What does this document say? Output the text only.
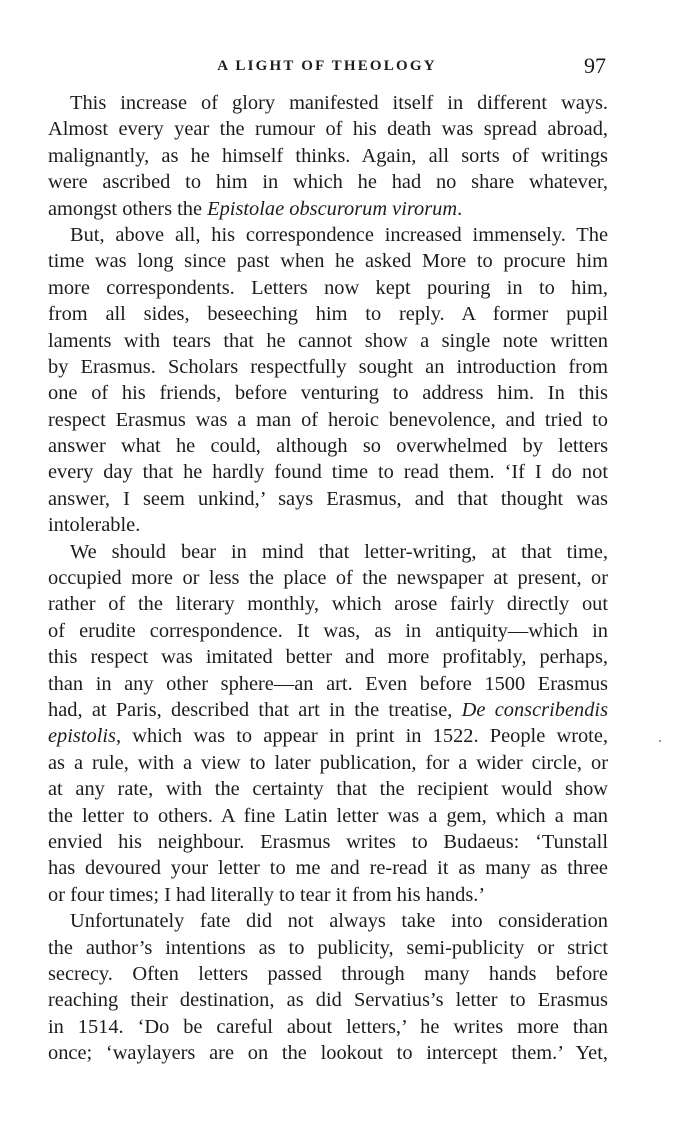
A LIGHT OF THEOLOGY	97
This increase of glory manifested itself in different ways.
Almost every year the rumour of his death was spread abroad,
malignantly, as he himself thinks. Again, all sorts of writings
were ascribed to him in which he had no share whatever,
amongst others the Epistolae obscurorum virorum.
But, above all, his correspondence increased immensely. The
time was long since past when he asked More to procure him
more correspondents. Letters now kept pouring in to him,
from all sides, beseeching him to reply. A former pupil
laments with tears that he cannot show a single note written
by Erasmus. Scholars respectfully sought an introduction from
one of his friends, before venturing to address him. In this
respect Erasmus was a man of heroic benevolence, and tried to
answer what he could, although so overwhelmed by letters
every day that he hardly found time to read them. ‘If I do not
answer, I seem unkind,’ says Erasmus, and that thought was
intolerable.
We should bear in mind that letter-writing, at that time,
occupied more or less the place of the newspaper at present, or
rather of the literary monthly, which arose fairly directly out
of erudite correspondence. It was, as in antiquity—which in
this respect was imitated better and more profitably, perhaps,
than in any other sphere—an art. Even before 1500 Erasmus
had, at Paris, described that art in the treatise, De conscribendis
epistolis, which was to appear in print in 1522. People wrote,
as a rule, with a view to later publication, for a wider circle, or
at any rate, with the certainty that the recipient would show
the letter to others. A fine Latin letter was a gem, which a man
envied his neighbour. Erasmus writes to Budaeus: ‘Tunstall
has devoured your letter to me and re-read it as many as three
or four times; I had literally to tear it from his hands.’
Unfortunately fate did not always take into consideration
the author’s intentions as to publicity, semi-publicity or strict
secrecy. Often letters passed through many hands before
reaching their destination, as did Servatius’s letter to Erasmus
in 1514. ‘Do be careful about letters,’ he writes more than
once; ‘waylayers are on the lookout to intercept them.’ Yet,
